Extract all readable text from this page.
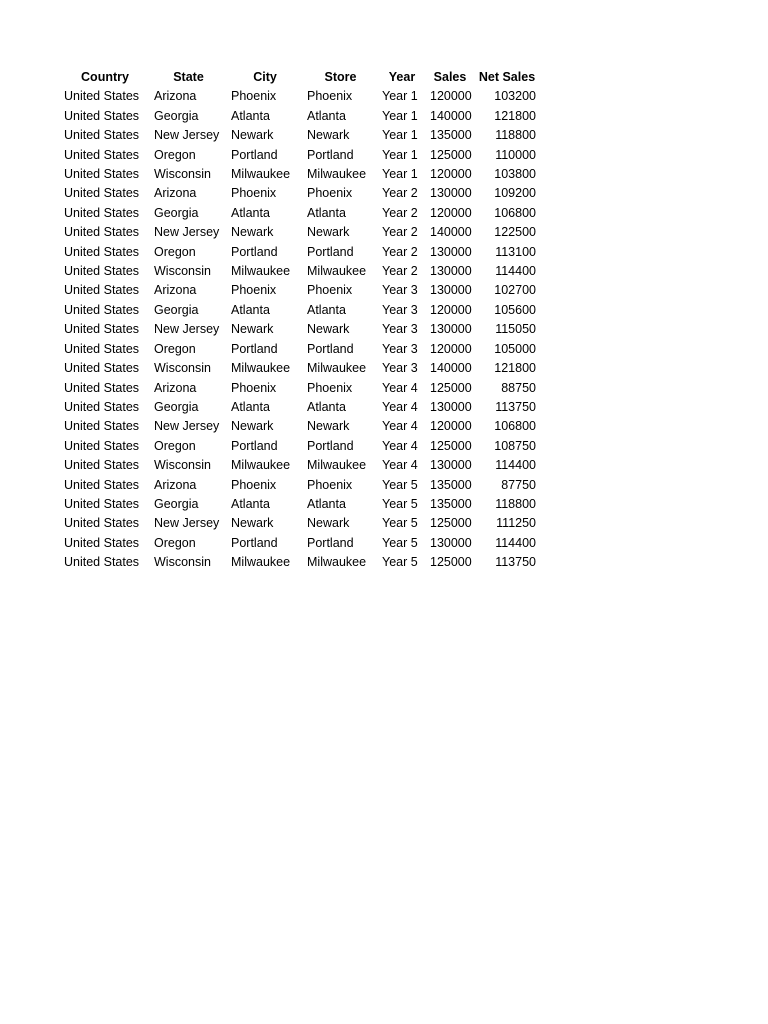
Country	State	City	Store	Year	Sales	Net Sales
United States	Arizona	Phoenix	Phoenix	Year 1	120000	103200
United States	Georgia	Atlanta	Atlanta	Year 1	140000	121800
United States	New Jersey	Newark	Newark	Year 1	135000	118800
United States	Oregon	Portland	Portland	Year 1	125000	110000
United States	Wisconsin	Milwaukee	Milwaukee	Year 1	120000	103800
United States	Arizona	Phoenix	Phoenix	Year 2	130000	109200
United States	Georgia	Atlanta	Atlanta	Year 2	120000	106800
United States	New Jersey	Newark	Newark	Year 2	140000	122500
United States	Oregon	Portland	Portland	Year 2	130000	113100
United States	Wisconsin	Milwaukee	Milwaukee	Year 2	130000	114400
United States	Arizona	Phoenix	Phoenix	Year 3	130000	102700
United States	Georgia	Atlanta	Atlanta	Year 3	120000	105600
United States	New Jersey	Newark	Newark	Year 3	130000	115050
United States	Oregon	Portland	Portland	Year 3	120000	105000
United States	Wisconsin	Milwaukee	Milwaukee	Year 3	140000	121800
United States	Arizona	Phoenix	Phoenix	Year 4	125000	88750
United States	Georgia	Atlanta	Atlanta	Year 4	130000	113750
United States	New Jersey	Newark	Newark	Year 4	120000	106800
United States	Oregon	Portland	Portland	Year 4	125000	108750
United States	Wisconsin	Milwaukee	Milwaukee	Year 4	130000	114400
United States	Arizona	Phoenix	Phoenix	Year 5	135000	87750
United States	Georgia	Atlanta	Atlanta	Year 5	135000	118800
United States	New Jersey	Newark	Newark	Year 5	125000	111250
United States	Oregon	Portland	Portland	Year 5	130000	114400
United States	Wisconsin	Milwaukee	Milwaukee	Year 5	125000	113750
